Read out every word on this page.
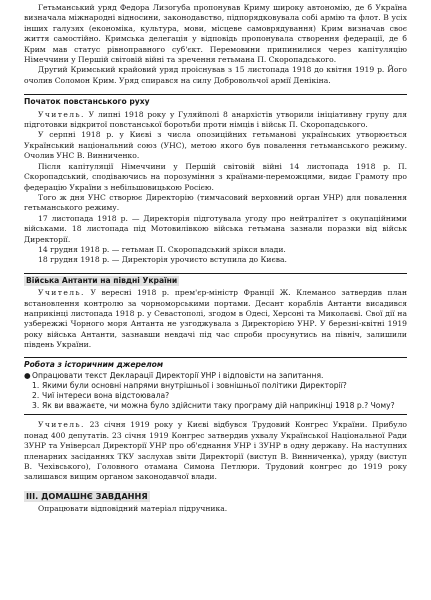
Гетьманський уряд Федора Лизогуба пропонував Криму широку автономію, де б Україна визначала міжнародні відносини, законодавство, підпорядковувала собі армію та флот. В усіх інших галузях (економіка, культура, мови, місцеве самоврядування) Крим визначав своє життя самостійно. Кримська делегація у відповідь пропонувала створення федерації, де б Крим мав статус рівноправного суб'єкт. Перемовини припинилися через капітуляцію Німеччини у Першій світовій війні та зречення гетьмана П. Скоропадського.

Другий Кримський крайовий уряд проіснував з 15 листопада 1918 до квітня 1919 р. Його очолив Соломон Крим. Уряд спирався на силу Добровольчої армії Денікіна.

Початок повстанського руху

Учитель. У липні 1918 року у Гуляйполі 8 анархістів утворили ініціативну групу для підготовки відкритої повстанської боротьби проти німців і військ П. Скоропадського.

У серпні 1918 р. у Києві з числа опозиційних гетьманові українських утворюється Український національний союз (УНС), метою якого був повалення гетьманського режиму. Очолив УНС В. Винниченко.

Після капітуляції Німеччини у Першій світовій війні 14 листопада 1918 р. П. Скоропадський, сподіваючись на порозуміння з країнами-переможцями, видає Грамоту про федерацію України з небільшовицькою Росією.

Того ж дня УНС створює Директорію (тимчасовий верховний орган УНР) для повалення гетьманського режиму.

17 листопада 1918 р. — Директорія підготувала угоду про нейтралітет з окупаційними військами. 18 листопада під Мотовилівкою війська гетьмана зазнали поразки від військ Директорії.

14 грудня 1918 р. — гетьман П. Скоропадський зрікся влади.

18 грудня 1918 р. — Директорія урочисто вступила до Києва.

Війська Антанти на півдні України

Учитель. У вересні 1918 р. прем'єр-міністр Франції Ж. Клемансо затвердив план встановлення контролю за чорноморськими портами. Десант кораблів Антанти висадився наприкінці листопада 1918 р. у Севастополі, згодом в Одесі, Херсоні та Миколаєві. Свої дії на узбережжі Чорного моря Антанта не узгоджувала з Директорією УНР. У березні-квітні 1919 року війська Антанти, зазнавши невдачі під час спроби просунутись на північ, залишили південь України.

Робота з історичним джерелом
● Опрацювати текст Декларації Директорії УНР і відповісти на запитання.
1. Якими були основні напрями внутрішньої і зовнішньої політики Директорії?
2. Чиї інтереси вона відстоювала?
3. Як ви вважаєте, чи можна було здійснити таку програму дій наприкінці 1918 р.? Чому?

Учитель. 23 січня 1919 року у Києві відбувся Трудовий Конгрес України. Прибуло понад 400 депутатів. 23 січня 1919 Конгрес затвердив ухвалу Української Національної Ради ЗУНР та Універсал Директорії УНР про об'єднання УНР і ЗУНР в одну державу. На наступних пленарних засіданнях ТКУ заслухав звіти Директорії (виступ В. Винниченка), уряду (виступ В. Чехівського), Головного отамана Симона Петлюри. Трудовий конгрес до 1919 року залишався вищим органом законодавчої влади.

III. ДОМАШНЄ ЗАВДАННЯ

Опрацювати відповідний матеріал підручника.
